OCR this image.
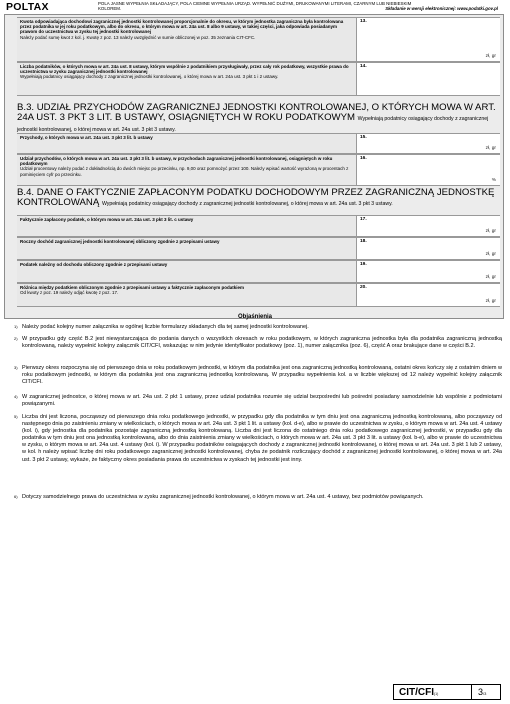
POLTAX	POLA JASNE WYPEŁNIA SKŁADAJĄCY, POLA CIEMNE WYPEŁNIA URZĄD. WYPEŁNIĆ DUŻYMI, DRUKOWANYMI LITERAMI, CZARNYM LUB NIEBIESKIM KOLOREM.	Składanie w wersji elektronicznej: www.podatki.gov.pl
Kwota odpowiadająca dochodowi zagranicznej jednostki kontrolowanej proporcjonalnie do okresu, w którym jednostka zagraniczna była kontrolowana przez podatnika w jej roku podatkowym, albo do okresu, o którym mowa w art. 24a ust. 8 albo 9 ustawy, w takiej części, jaka odpowiada posiadanym prawom do uczestnictwa w zysku tej jednostki kontrolowanej
Należy podać sumę kwot z kol. j. Kwotę z poz. 13 należy uwzględnić w sumie obliczonej w poz. 35 zeznania CIT-CFC.
13.
zł, gr
Liczba podatników, o których mowa w art. 24a ust. 8 ustawy, którym wspólnie z podatnikiem przysługiwały, przez cały rok podatkowy, wszystkie prawa do uczestnictwa w zysku zagranicznej jednostki kontrolowanej
Wypełniają podatnicy osiągający dochody z zagranicznej jednostki kontrolowanej, o której mowa w art. 24a ust. 3 pkt 1 i 2 ustawy.
14.
B.3. UDZIAŁ PRZYCHODÓW ZAGRANICZNEJ JEDNOSTKI KONTROLOWANEJ, O KTÓRYCH MOWA W ART. 24A UST. 3 PKT 3 LIT. B USTAWY, OSIĄGNIĘTYCH W ROKU PODATKOWYM Wypełniają podatnicy osiągający dochody z zagranicznej jednostki kontrolowanej, o której mowa w art. 24a ust. 3 pkt 3 ustawy.
Przychody, o których mowa w art. 24a ust. 3 pkt 3 lit. b ustawy	15.
zł, gr
Udział przychodów, o których mowa w art. 24a ust. 3 pkt 3 lit. b ustawy, w przychodach zagranicznej jednostki kontrolowanej, osiągniętych w roku podatkowym
Udział procentowy należy podać z dokładnością do dwóch miejsc po przecinku, np. 9,00 oraz pomnożyć przez 100. Należy wpisać wartość wyrażoną w procentach z pominięciem cyfr po przecinku.
16.
%
B.4. DANE O FAKTYCZNIE ZAPŁACONYM PODATKU DOCHODOWYM PRZEZ ZAGRANICZNĄ JEDNOSTKĘ KONTROLOWANĄ Wypełniają podatnicy osiągający dochody z zagranicznej jednostki kontrolowanej, o której mowa w art. 24a ust. 3 pkt 3 ustawy.
Faktycznie zapłacony podatek, o którym mowa w art. 24a ust. 3 pkt 3 lit. c ustawy	17.
zł, gr
Roczny dochód zagranicznej jednostki kontrolowanej obliczony zgodnie z przepisami ustawy	18.
zł, gr
Podatek należny od dochodu obliczony zgodnie z przepisami ustawy	19.
zł, gr
Różnica między podatkiem obliczonym zgodnie z przepisami ustawy a faktycznie zapłaconym podatkiem
Od kwoty z poz. 19 należy odjąć kwotę z poz. 17.
20.
zł, gr
Objaśnienia
1) Należy podać kolejny numer załącznika w ogólnej liczbie formularzy składanych dla tej samej jednostki kontrolowanej.
2) W przypadku gdy część B.2 jest niewystarczająca do podania danych o wszystkich okresach w roku podatkowym, w których zagraniczna jednostka była dla podatnika zagraniczną jednostką kontrolowaną, należy wypełnić kolejny załącznik CIT/CFI, wskazując w nim jedynie identyfikator podatkowy (poz. 1), numer załącznika (poz. 6), część A oraz brakujące dane w części B.2.
3) Pierwszy okres rozpoczyna się od pierwszego dnia w roku podatkowym jednostki, w którym dla podatnika jest ona zagraniczną jednostką kontrolowaną, ostatni okres kończy się z ostatnim dniem w roku podatkowym jednostki, w którym dla podatnika jest ona zagraniczną jednostką kontrolowaną. W przypadku wypełnienia kol. a w liczbie większej od 12 należy wypełnić kolejny załącznik CIT/CFI.
4) W zagranicznej jednostce, o której mowa w art. 24a ust. 2 pkt 1 ustawy, przez udział podatnika rozumie się udział bezpośredni lub pośredni posiadany samodzielnie lub wspólnie z podmiotami powiązanymi.
5) Liczba dni jest liczona, począwszy od pierwszego dnia roku podatkowego jednostki, w przypadku gdy dla podatnika w tym dniu jest ona zagraniczną jednostką kontrolowaną, albo począwszy od następnego dnia po zaistnieniu zmiany w wielkościach, o których mowa w art. 24a ust. 3 pkt 1 lit. a ustawy (kol. d-e), albo w prawie do uczestnictwa w zysku, o którym mowa w art. 24a ust. 4 ustawy (kol. i), gdy jednostka dla podatnika pozostaje zagraniczną jednostką kontrolowaną. Liczba dni jest liczona do ostatniego dnia roku podatkowego zagranicznej jednostki, w przypadku gdy dla podatnika w tym dniu jest ona jednostką kontrolowaną, albo do dnia zaistnienia zmiany w wielkościach, o których mowa w art. 24a ust. 3 pkt 3 lit. a ustawy (kol. b-e), albo w prawie do uczestnictwa w zysku, o którym mowa w art. 24a ust. 4 ustawy (kol. i). W przypadku podatników osiągających dochody z zagranicznej jednostki kontrolowanej, o której mowa w art. 24a ust. 3 pkt 1 lub 2 ustawy, w kol. h należy wpisać liczbę dni roku podatkowego zagranicznej jednostki kontrolowanej, chyba że podatnik rozliczający dochód z zagranicznej jednostki kontrolowanej, o której mowa w art. 24a ust. 3 pkt 2 ustawy, wykaże, że faktyczny okres posiadania prawa do uczestnictwa w zyskach tej jednostki jest inny.
6) Dotyczy samodzielnego prawa do uczestnictwa w zysku zagranicznej jednostki kontrolowanej, o którym mowa w art. 24a ust. 4 ustawy, bez podmiotów powiązanych.
CIT/CFI(1)	3/3
